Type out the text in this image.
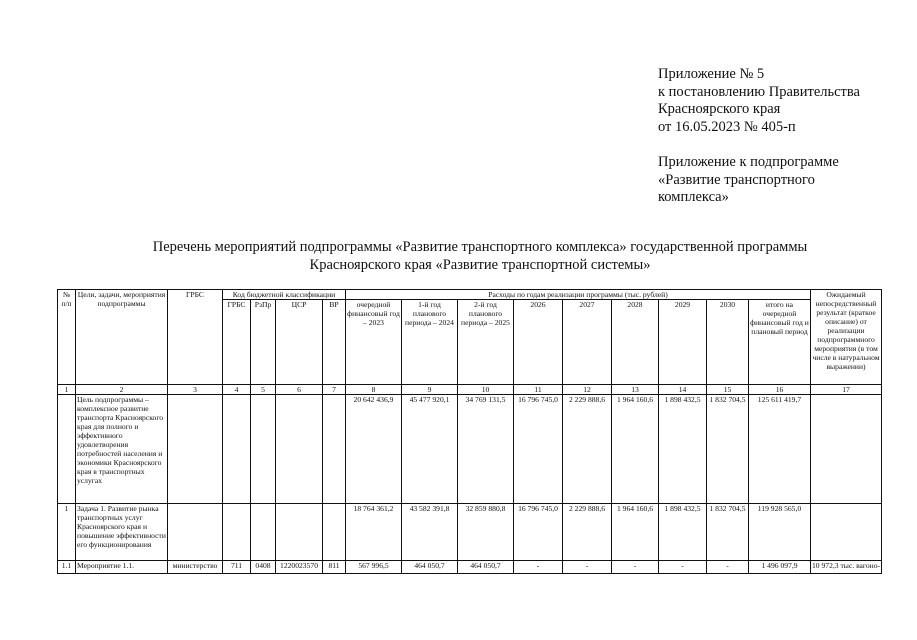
Приложение № 5
к постановлению Правительства
Красноярского края
от 16.05.2023 № 405-п
Приложение к подпрограмме
«Развитие транспортного
комплекса»
Перечень мероприятий подпрограммы «Развитие транспортного комплекса» государственной программы
Красноярского края «Развитие транспортной системы»
№ п/п	Цели, задачи, мероприятия подпрограммы	ГРБС	Код бюджетной классификации				Расходы по годам реализации программы (тыс. рублей)									Ожидаемый непосредственный результат (краткое описание) от реализации подпрограммного мероприятия (в том числе в натуральном выражении)
			ГРБС	РзПр	ЦСР	ВР	очередной финансовый год – 2023	1-й год планового периода – 2024	2-й год планового периода – 2025	2026	2027	2028	2029	2030	итого на очередной финансовый год и плановый период	
1	2	3	4	5	6	7	8	9	10	11	12	13	14	15	16	17
	Цель подпрограммы – комплексное развитие транспорта Красноярского края для полного и эффективного удовлетворения потребностей населения и экономики Красноярского края в транспортных услугах						20 642 436,9	45 477 920,1	34 769 131,5	16 796 745,0	2 229 888,6	1 964 160,6	1 898 432,5	1 832 704,5	125 611 419,7	
1	Задача 1. Развитие рынка транспортных услуг Красноярского края и повышение эффективности его функционирования						18 764 361,2	43 582 391,8	32 859 880,8	16 796 745,0	2 229 888,6	1 964 160,6	1 898 432,5	1 832 704,5	119 928 565,0	
1.1	Мероприятие 1.1.	министерство	711	0408	1220023570	811	567 996,5	464 050,7	464 050,7	-	-	-	-	-	1 496 097,9	10 972,3 тыс. вагоно-
